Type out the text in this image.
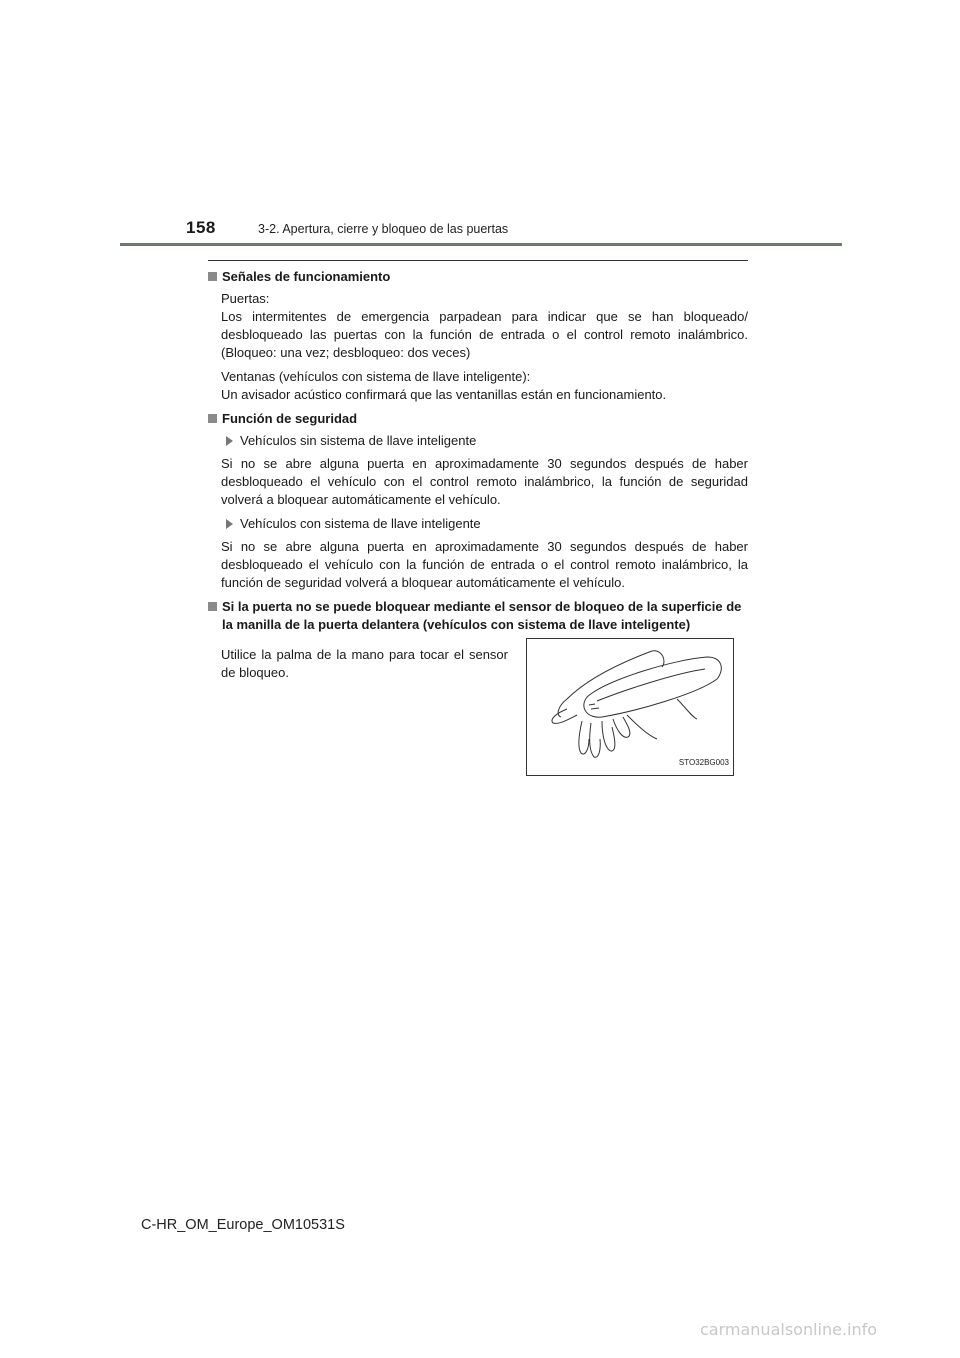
158	3-2. Apertura, cierre y bloqueo de las puertas
Señales de funcionamiento

Puertas:
Los intermitentes de emergencia parpadean para indicar que se han bloqueado/ desbloqueado las puertas con la función de entrada o el control remoto inalámbrico. (Bloqueo: una vez; desbloqueo: dos veces)

Ventanas (vehículos con sistema de llave inteligente):
Un avisador acústico confirmará que las ventanillas están en funcionamiento.

Función de seguridad
Vehículos sin sistema de llave inteligente

Si no se abre alguna puerta en aproximadamente 30 segundos después de haber desbloqueado el vehículo con el control remoto inalámbrico, la función de seguridad volverá a bloquear automáticamente el vehículo.

Vehículos con sistema de llave inteligente

Si no se abre alguna puerta en aproximadamente 30 segundos después de haber desbloqueado el vehículo con la función de entrada o el control remoto inalámbrico, la función de seguridad volverá a bloquear automáticamente el vehículo.

Si la puerta no se puede bloquear mediante el sensor de bloqueo de la superficie de la manilla de la puerta delantera (vehículos con sistema de llave inteligente)
Utilice la palma de la mano para tocar el sensor de bloqueo.
STO32BG003
C-HR_OM_Europe_OM10531S
carmanualsonline.info
